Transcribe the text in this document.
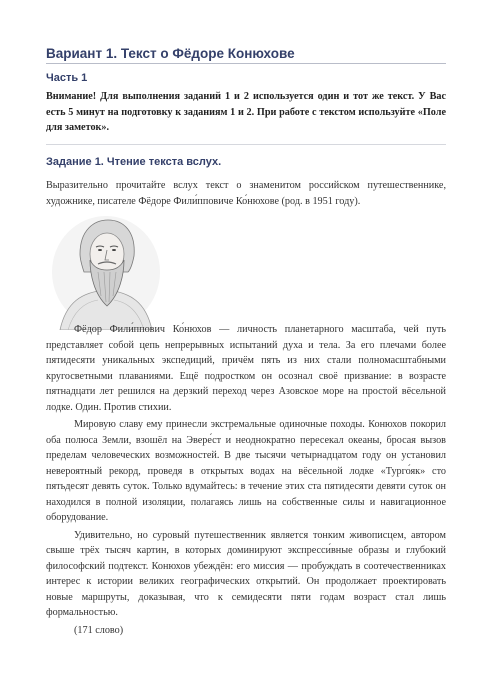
Вариант 1. Текст о Фёдоре Конюхове
Часть 1
Внимание! Для выполнения заданий 1 и 2 используется один и тот же текст. У Вас есть 5 минут на подготовку к заданиям 1 и 2. При работе с текстом используйте «Поле для заметок».
Задание 1. Чтение текста вслух.
Выразительно прочитайте вслух текст о знаменитом российском путешественнике, художнике, писателе Фёдоре Фили́пповиче Ко́нюхове (род. в 1951 году).

Фёдор Фили́ппович Ко́нюхов — личность планетарного масштаба, чей путь представляет собой цепь непрерывных испытаний духа и тела. За его плечами более пятидесяти уникальных экспедиций, причём пять из них стали полномасштабными кругосветными плаваниями. Ещё подростком он осознал своё призвание: в возрасте пятнадцати лет решился на дерзкий переход через Азовское море на простой вёсельной лодке. Один. Против стихии.

Мировую славу ему принесли экстремальные одиночные походы. Конюхов покорил оба полюса Земли, взошёл на Эвере́ст и неоднократно пересекал океаны, бросая вызов пределам человеческих возможностей. В две тысячи четырнадцатом году он установил невероятный рекорд, проведя в открытых водах на вёсельной лодке «Турго́як» сто пятьдесят девять суток. Только вдумайтесь: в течение этих ста пятидесяти девяти суток он находился в полной изоляции, полагаясь лишь на собственные силы и навигационное оборудование.

Удивительно, но суровый путешественник является тонким живописцем, автором свыше трёх тысяч картин, в которых доминируют экспресси́вные образы и глубокий философский подтекст. Конюхов убеждён: его миссия — пробуждать в соотечественниках интерес к истории великих географических открытий. Он продолжает проектировать новые маршруты, доказывая, что к семидесяти пяти годам возраст стал лишь формальностью.

(171 слово)
